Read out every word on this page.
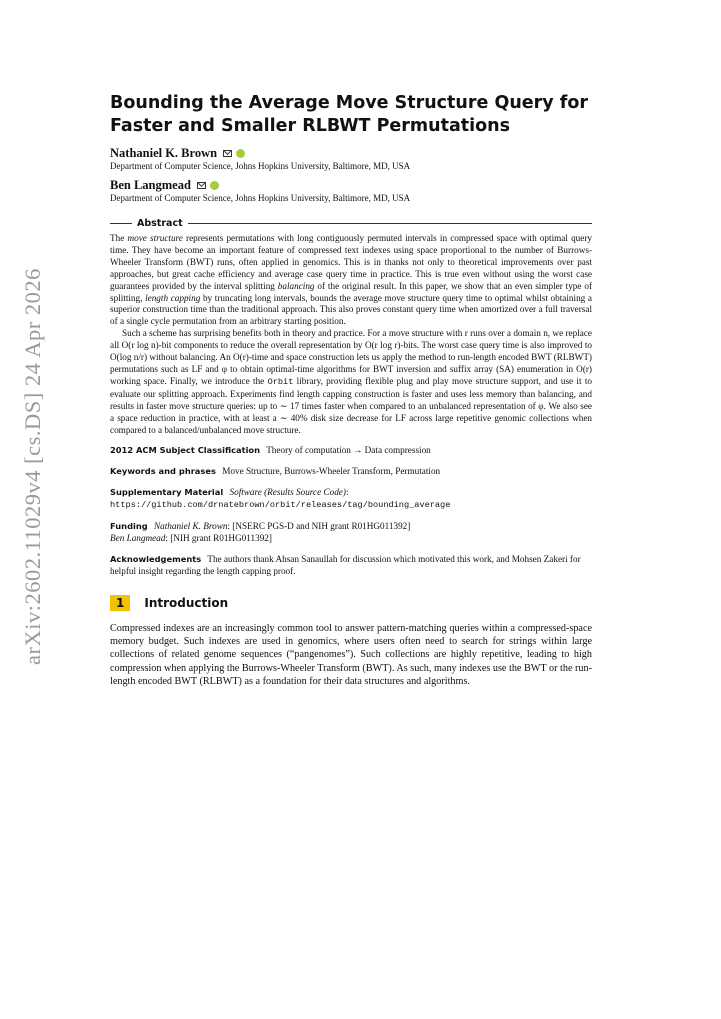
arXiv:2602.11029v4 [cs.DS] 24 Apr 2026
Bounding the Average Move Structure Query for Faster and Smaller RLBWT Permutations
Nathaniel K. Brown
Department of Computer Science, Johns Hopkins University, Baltimore, MD, USA
Ben Langmead
Department of Computer Science, Johns Hopkins University, Baltimore, MD, USA
Abstract

The move structure represents permutations with long contiguously permuted intervals in compressed space with optimal query time. They have become an important feature of compressed text indexes using space proportional to the number of Burrows-Wheeler Transform (BWT) runs, often applied in genomics. This is in thanks not only to theoretical improvements over past approaches, but great cache efficiency and average case query time in practice. This is true even without using the worst case guarantees provided by the interval splitting balancing of the original result. In this paper, we show that an even simpler type of splitting, length capping by truncating long intervals, bounds the average move structure query time to optimal whilst obtaining a superior construction time than the traditional approach. This also proves constant query time when amortized over a full traversal of a single cycle permutation from an arbitrary starting position.

Such a scheme has surprising benefits both in theory and practice. For a move structure with r runs over a domain n, we replace all O(r log n)-bit components to reduce the overall representation by O(r log r)-bits. The worst case query time is also improved to O(log n/r) without balancing. An O(r)-time and space construction lets us apply the method to run-length encoded BWT (RLBWT) permutations such as LF and φ to obtain optimal-time algorithms for BWT inversion and suffix array (SA) enumeration in O(r) working space. Finally, we introduce the Orbit library, providing flexible plug and play move structure support, and use it to evaluate our splitting approach. Experiments find length capping construction is faster and uses less memory than balancing, and results in faster move structure queries: up to ∼ 17 times faster when compared to an unbalanced representation of φ. We also see a space reduction in practice, with at least a ∼ 40% disk size decrease for LF across large repetitive genomic collections when compared to a balanced/unbalanced move structure.

2012 ACM Subject Classification Theory of computation → Data compression
Keywords and phrases Move Structure, Burrows-Wheeler Transform, Permutation
Supplementary Material Software (Results Source Code): https://github.com/drnatebrown/orbit/releases/tag/bounding_average
Funding Nathaniel K. Brown: [NSERC PGS-D and NIH grant R01HG011392]
Ben Langmead: [NIH grant R01HG011392]
Acknowledgements The authors thank Ahsan Sanaullah for discussion which motivated this work, and Mohsen Zakeri for helpful insight regarding the length capping proof.
1	Introduction

Compressed indexes are an increasingly common tool to answer pattern-matching queries within a compressed-space memory budget. Such indexes are used in genomics, where users often need to search for strings within large collections of related genome sequences (“pangenomes”). Such collections are highly repetitive, leading to high compression when applying the Burrows-Wheeler Transform (BWT). As such, many indexes use the BWT or the run-length encoded BWT (RLBWT) as a foundation for their data structures and algorithms.
